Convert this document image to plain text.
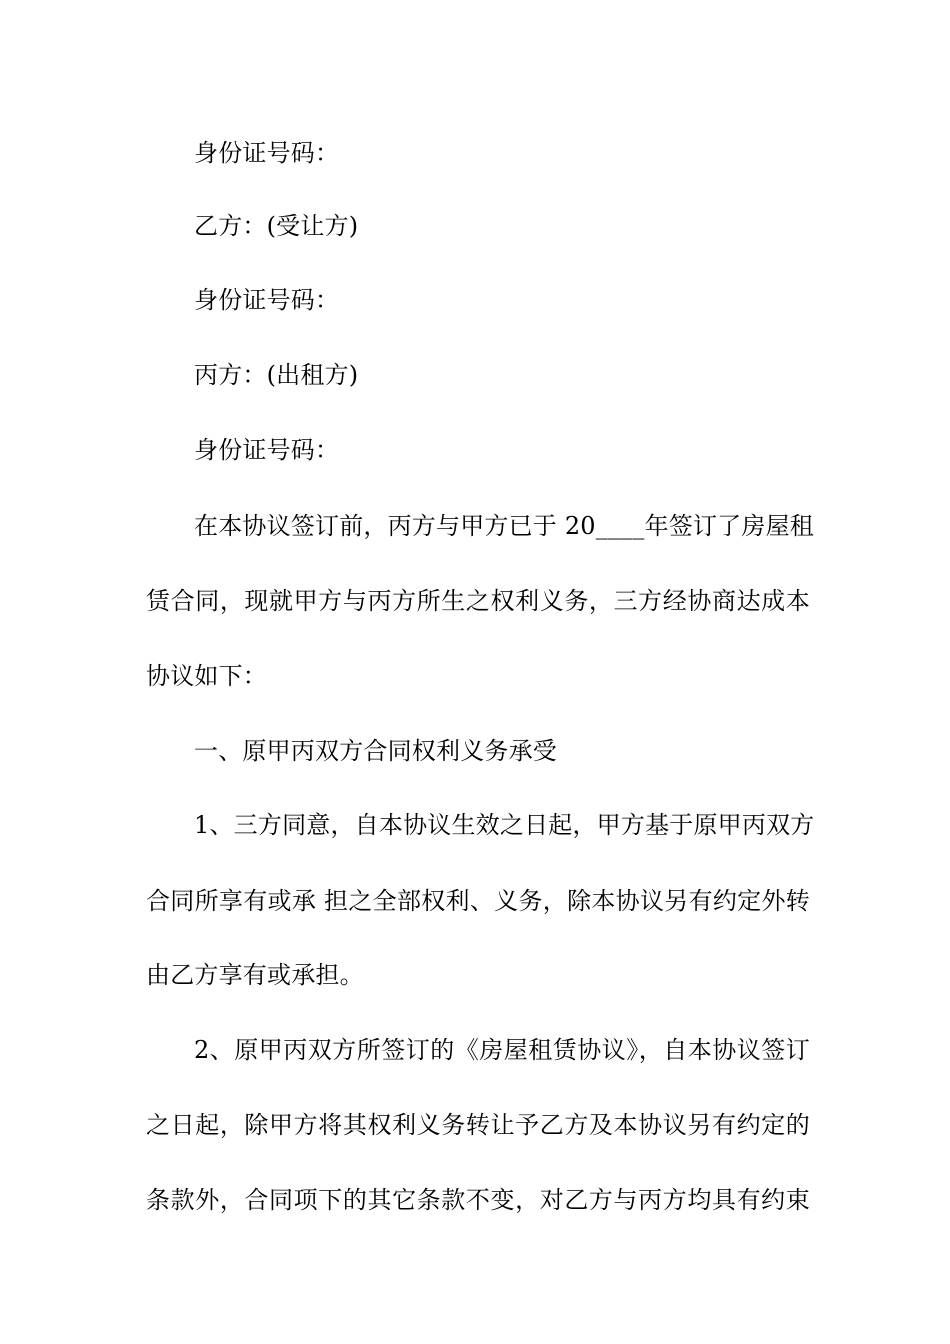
身份证号码：
乙方：(受让方)
身份证号码：
丙方：(出租方)
身份证号码：
在本协议签订前，丙方与甲方已于 20____年签订了房屋租
赁合同，现就甲方与丙方所生之权利义务，三方经协商达成本
协议如下：
一、原甲丙双方合同权利义务承受
1、三方同意，自本协议生效之日起，甲方基于原甲丙双方
合同所享有或承 担之全部权利、义务，除本协议另有约定外转
由乙方享有或承担。
2、原甲丙双方所签订的《房屋租赁协议》，自本协议签订
之日起，除甲方将其权利义务转让予乙方及本协议另有约定的
条款外，合同项下的其它条款不变，对乙方与丙方均具有约束
